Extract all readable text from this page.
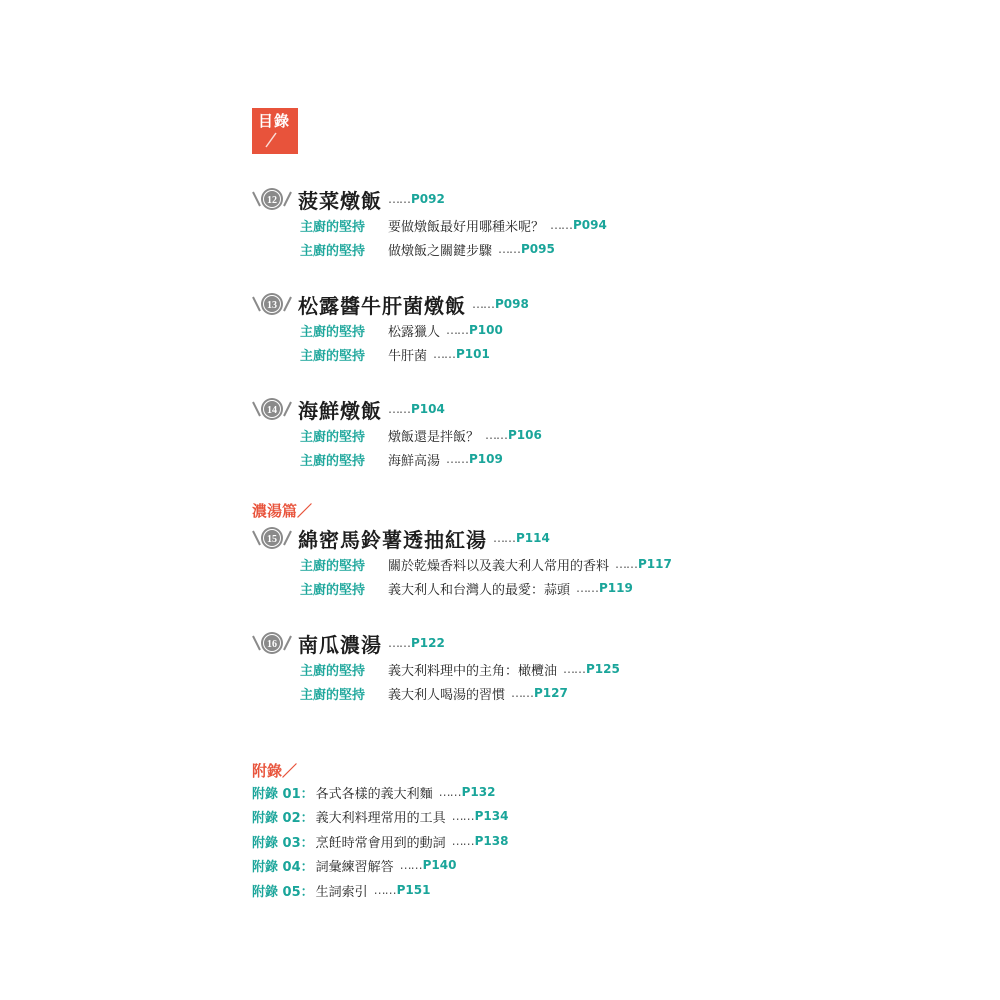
目錄
12 菠菜燉飯 …… P092
主廚的堅持	要做燉飯最好用哪種米呢？ …… P094
主廚的堅持	做燉飯之關鍵步驟 …… P095
13 松露醬牛肝菌燉飯 …… P098
主廚的堅持	松露獵人 …… P100
主廚的堅持	牛肝菌 …… P101
14 海鮮燉飯 …… P104
主廚的堅持	燉飯還是拌飯？ …… P106
主廚的堅持	海鮮高湯 …… P109
濃湯篇／
15 綿密馬鈴薯透抽紅湯 …… P114
主廚的堅持	關於乾燥香料以及義大利人常用的香料 …… P117
主廚的堅持	義大利人和台灣人的最愛：蒜頭 …… P119
16 南瓜濃湯 …… P122
主廚的堅持	義大利料理中的主角：橄欖油 …… P125
主廚的堅持	義大利人喝湯的習慣 …… P127
附錄／
附錄 01： 各式各樣的義大利麵 …… P132
附錄 02： 義大利料理常用的工具 …… P134
附錄 03： 烹飪時常會用到的動詞 …… P138
附錄 04： 詞彙練習解答 …… P140
附錄 05： 生詞索引 …… P151
